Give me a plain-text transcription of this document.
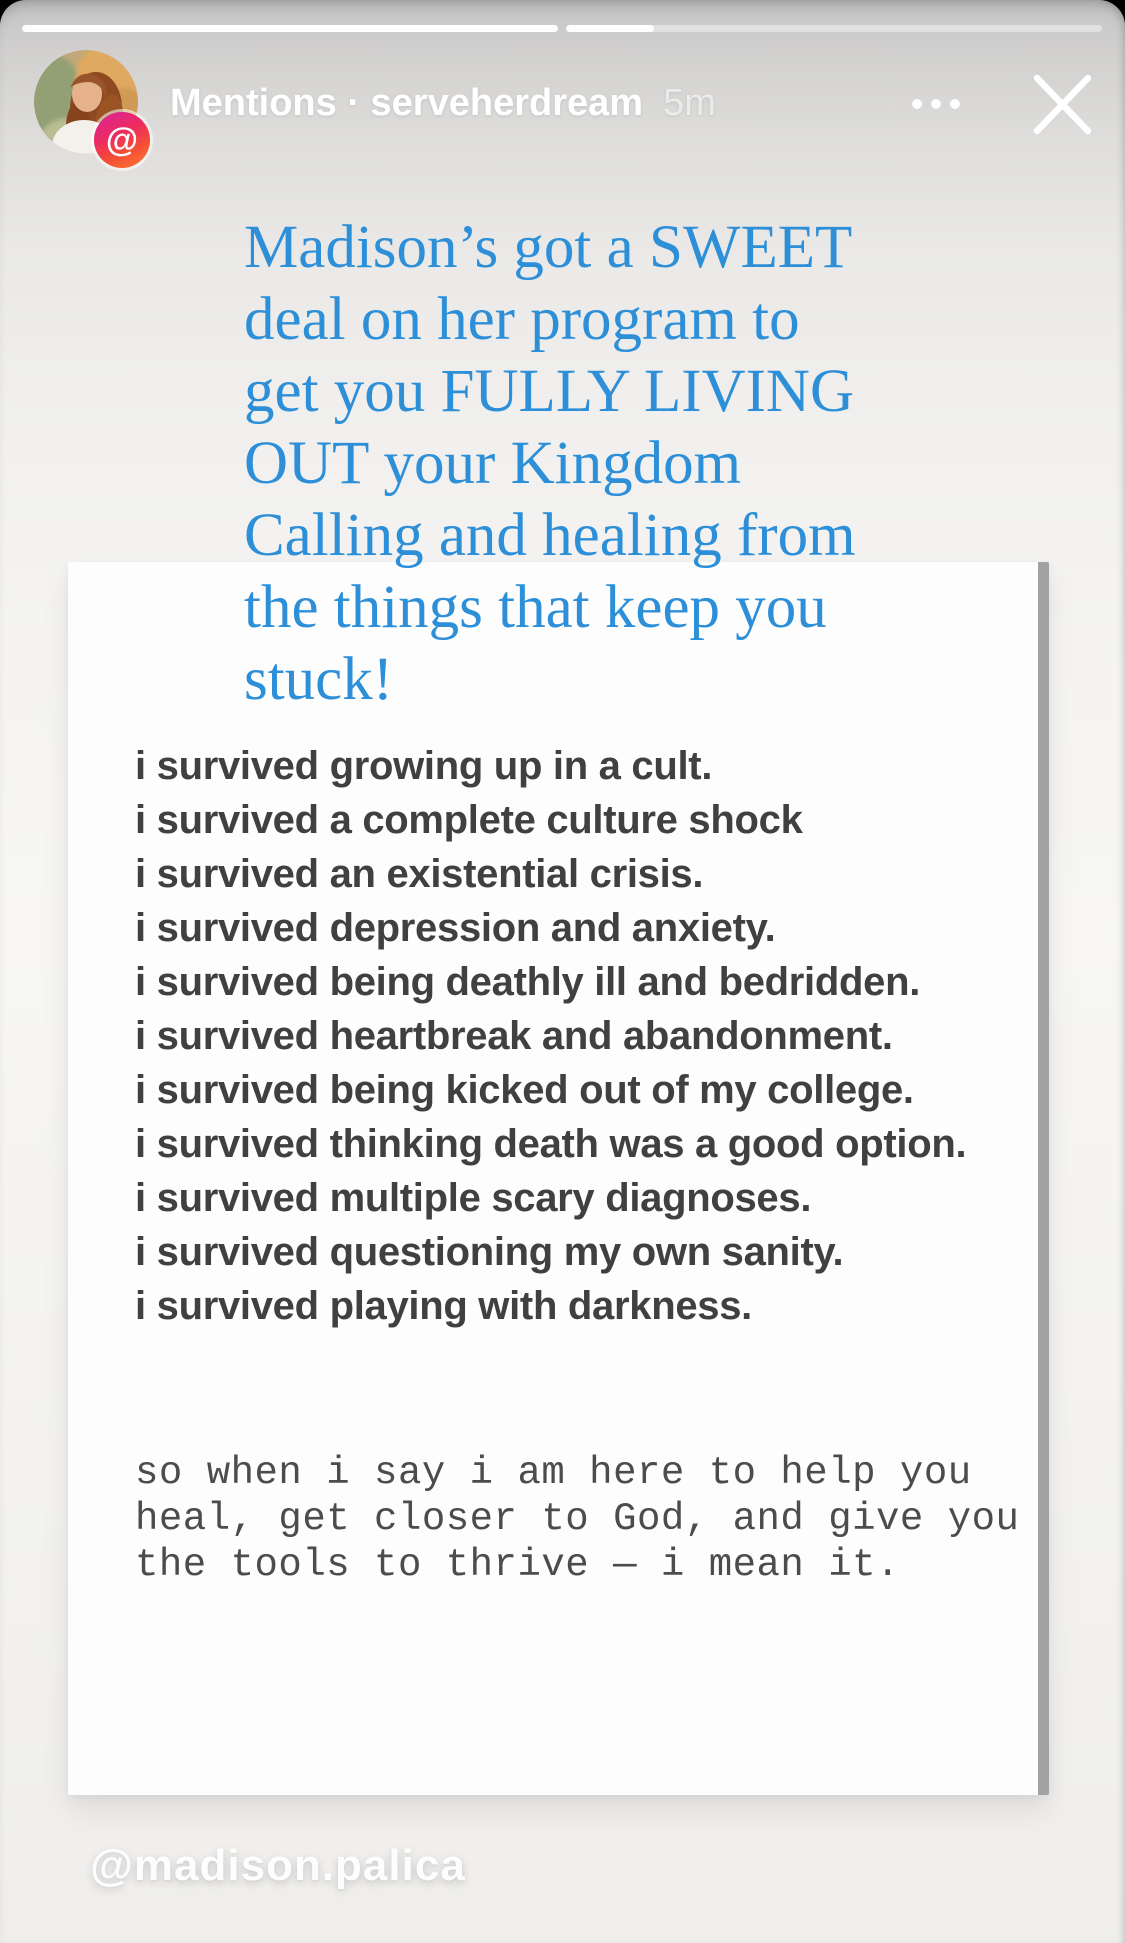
@
Mentions · serveherdream 5m
i survived growing up in a cult.
i survived a complete culture shock
i survived an existential crisis.
i survived depression and anxiety.
i survived being deathly ill and bedridden.
i survived heartbreak and abandonment.
i survived being kicked out of my college.
i survived thinking death was a good option.
i survived multiple scary diagnoses.
i survived questioning my own sanity.
i survived playing with darkness.
so when i say i am here to help you
heal, get closer to God, and give you
the tools to thrive — i mean it.
Madison’s got a SWEET
deal on her program to
get you FULLY LIVING
OUT your Kingdom
Calling and healing from
the things that keep you
stuck!
@madison.palica
